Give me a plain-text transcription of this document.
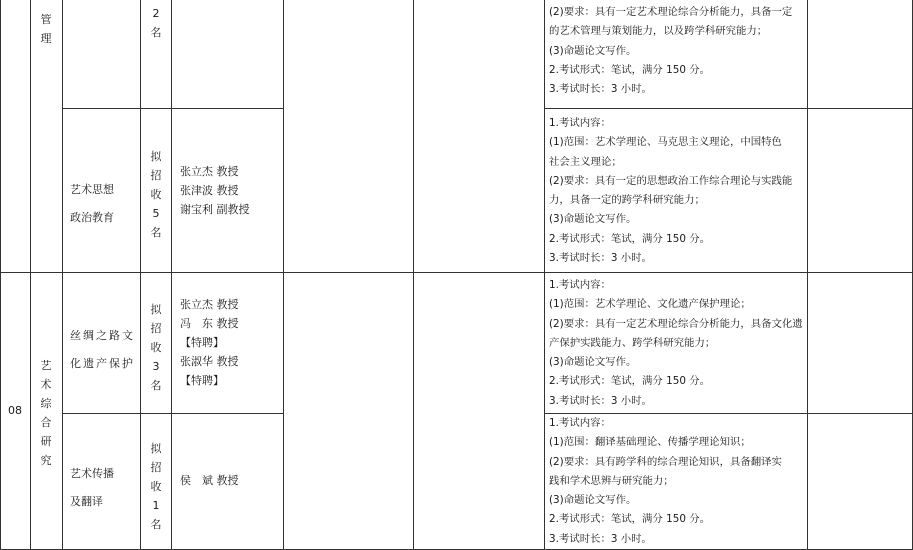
管理
2名
(2)要求：具有一定艺术理论综合分析能力，具备一定
的艺术管理与策划能力，以及跨学科研究能力；
(3)命题论文写作。
2.考试形式：笔试，满分 150 分。
3.考试时长：3 小时。
艺术思想
政治教育
拟招收5名
张立杰 教授
张津波 教授
谢宝利 副教授
1.考试内容：
(1)范围：艺术学理论、马克思主义理论，中国特色
社会主义理论；
(2)要求：具有一定的思想政治工作综合理论与实践能
力，具备一定的跨学科研究能力；
(3)命题论文写作。
2.考试形式：笔试，满分 150 分。
3.考试时长：3 小时。
08
艺术综合研究
丝绸之路文
化遗产保护
拟招收3名
张立杰 教授
冯　东 教授
【特聘】
张淑华 教授
【特聘】
1.考试内容：
(1)范围：艺术学理论、文化遗产保护理论；
(2)要求：具有一定艺术理论综合分析能力，具备文化遗
产保护实践能力、跨学科研究能力；
(3)命题论文写作。
2.考试形式：笔试，满分 150 分。
3.考试时长：3 小时。
艺术传播
及翻译
拟招收1名
侯　斌 教授
1.考试内容：
(1)范围：翻译基础理论、传播学理论知识；
(2)要求：具有跨学科的综合理论知识，具备翻译实
践和学术思辨与研究能力；
(3)命题论文写作。
2.考试形式：笔试，满分 150 分。
3.考试时长：3 小时。
